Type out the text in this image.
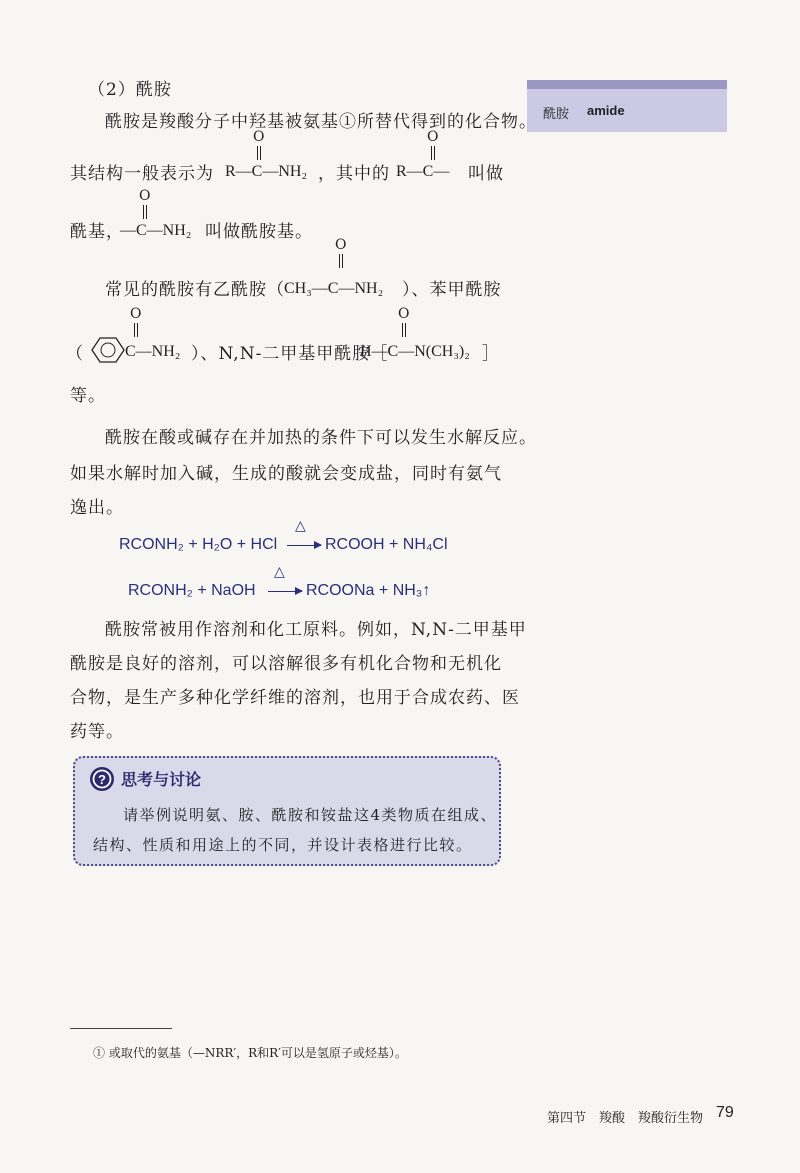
（2）酰胺
酰胺 amide
酰胺是羧酸分子中羟基被氨基①所替代得到的化合物。
其结构一般表示为 R—C—NH₂
O
，其中的 R—C—
O
叫做
酰基，
—C—NH₂
O
叫做酰胺基。
常见的酰胺有乙酰胺（ CH₃—C—NH₂
O
）、苯甲酰胺
（	C—NH₂
O
）、N,N-二甲基甲酰胺［
H—C—N(CH₃)₂
O
］
等。
酰胺在酸或碱存在并加热的条件下可以发生水解反应。
如果水解时加入碱，生成的酸就会变成盐，同时有氨气
逸出。
RCONH₂ + H₂O + HCl
△
→ RCOOH + NH₄Cl
RCONH₂ + NaOH
△
→ RCOONa + NH₃↑
酰胺常被用作溶剂和化工原料。例如，N,N-二甲基甲
酰胺是良好的溶剂，可以溶解很多有机化合物和无机化
合物，是生产多种化学纤维的溶剂，也用于合成农药、医
药等。
? 思考与讨论
请举例说明氨、胺、酰胺和铵盐这4类物质在组成、
结构、性质和用途上的不同，并设计表格进行比较。
① 或取代的氨基（—NRR′，R和R′可以是氢原子或烃基）。
第四节　羧酸　羧酸衍生物 79
